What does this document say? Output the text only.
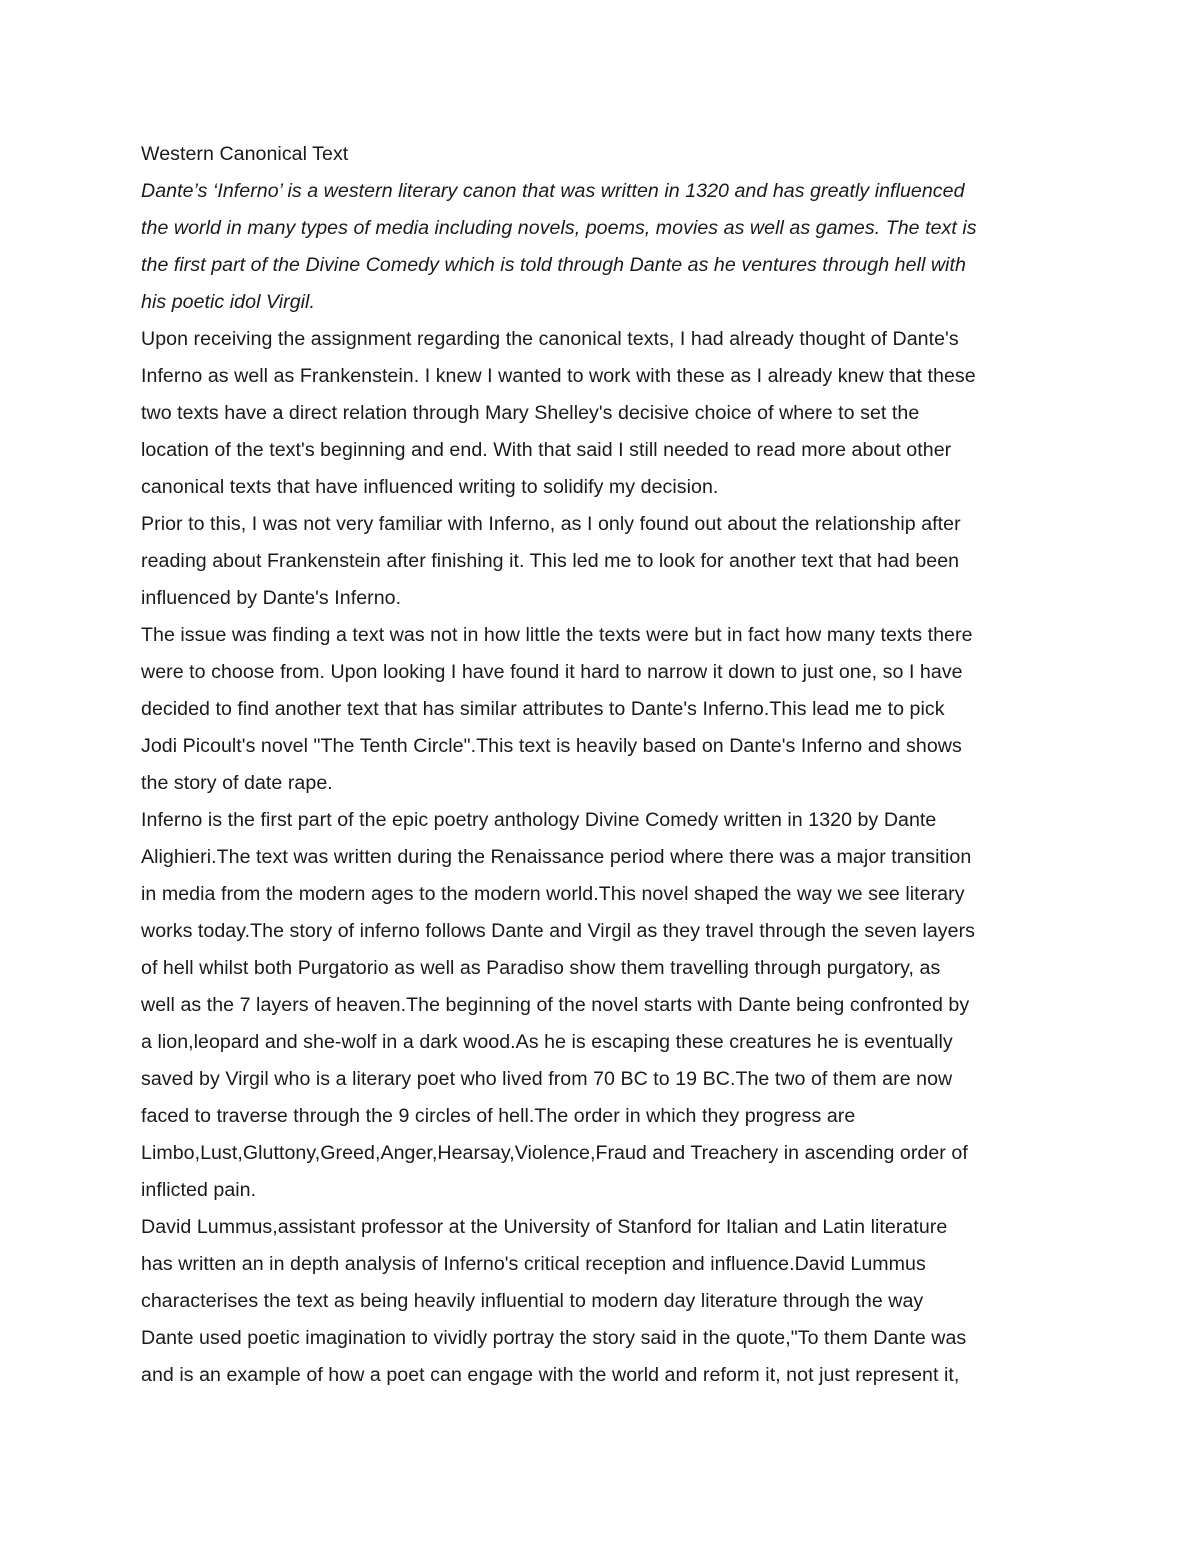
Western Canonical Text
Dante’s ‘Inferno’ is a western literary canon that was written in 1320 and has greatly influenced
the world in many types of media including novels, poems, movies as well as games. The text is
the first part of the Divine Comedy which is told through Dante as he ventures through hell with
his poetic idol Virgil.
Upon receiving the assignment regarding the canonical texts, I had already thought of Dante's
Inferno as well as Frankenstein. I knew I wanted to work with these as I already knew that these
two texts have a direct relation through Mary Shelley's decisive choice of where to set the
location of the text's beginning and end. With that said I still needed to read more about other
canonical texts that have influenced writing to solidify my decision.
Prior to this, I was not very familiar with Inferno, as I only found out about the relationship after
reading about Frankenstein after finishing it. This led me to look for another text that had been
influenced by Dante's Inferno.
The issue was finding a text was not in how little the texts were but in fact how many texts there
were to choose from. Upon looking I have found it hard to narrow it down to just one, so I have
decided to find another text that has similar attributes to Dante's Inferno.This lead me to pick
Jodi Picoult's novel "The Tenth Circle".This text is heavily based on Dante's Inferno and shows
the story of date rape.
Inferno is the first part of the epic poetry anthology Divine Comedy written in 1320 by Dante
Alighieri.The text was written during the Renaissance period where there was a major transition
in media from the modern ages to the modern world.This novel shaped the way we see literary
works today.The story of inferno follows Dante and Virgil as they travel through the seven layers
of hell whilst both Purgatorio as well as Paradiso show them travelling through purgatory, as
well as the 7 layers of heaven.The beginning of the novel starts with Dante being confronted by
a lion,leopard and she-wolf in a dark wood.As he is escaping these creatures he is eventually
saved by Virgil who is a literary poet who lived from 70 BC to 19 BC.The two of them are now
faced to traverse through the 9 circles of hell.The order in which they progress are
Limbo,Lust,Gluttony,Greed,Anger,Hearsay,Violence,Fraud and Treachery in ascending order of
inflicted pain.
David Lummus,assistant professor at the University of Stanford for Italian and Latin literature
has written an in depth analysis of Inferno's critical reception and influence.David Lummus
characterises the text as being heavily influential to modern day literature through the way
Dante used poetic imagination to vividly portray the story said in the quote,"To them Dante was
and is an example of how a poet can engage with the world and reform it, not just represent it,
